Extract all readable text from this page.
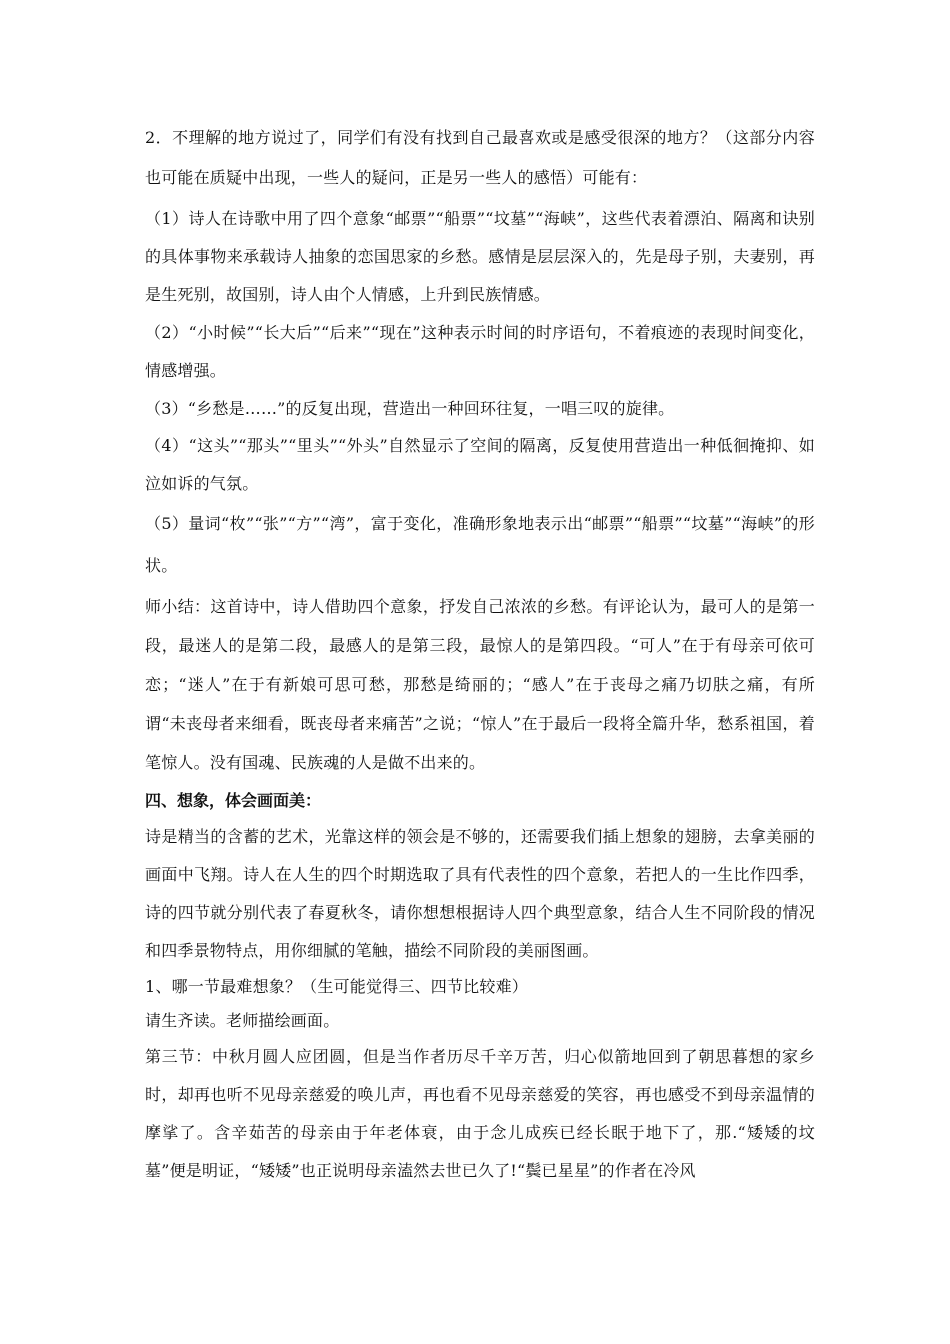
2．不理解的地方说过了，同学们有没有找到自己最喜欢或是感受很深的地方？（这部分内容也可能在质疑中出现，一些人的疑问，正是另一些人的感悟）可能有：

（1）诗人在诗歌中用了四个意象“邮票”“船票”“坟墓”“海峡”，这些代表着漂泊、隔离和诀别的具体事物来承载诗人抽象的恋国思家的乡愁。感情是层层深入的，先是母子别，夫妻别，再是生死别，故国别，诗人由个人情感，上升到民族情感。

（2）“小时候”“长大后”“后来”“现在”这种表示时间的时序语句，不着痕迹的表现时间变化，情感增强。

（3）“乡愁是……”的反复出现，营造出一种回环往复，一唱三叹的旋律。

（4）“这头”“那头”“里头”“外头”自然显示了空间的隔离，反复使用营造出一种低徊掩抑、如泣如诉的气氛。

（5）量词“枚”“张”“方”“湾”，富于变化，准确形象地表示出“邮票”“船票”“坟墓”“海峡”的形状。

师小结：这首诗中，诗人借助四个意象，抒发自己浓浓的乡愁。有评论认为，最可人的是第一段，最迷人的是第二段，最感人的是第三段，最惊人的是第四段。“可人”在于有母亲可依可恋；“迷人”在于有新娘可思可愁，那愁是绮丽的；“感人”在于丧母之痛乃切肤之痛，有所谓“未丧母者来细看，既丧母者来痛苦”之说；“惊人”在于最后一段将全篇升华，愁系祖国，着笔惊人。没有国魂、民族魂的人是做不出来的。

四、想象，体会画面美：

诗是精当的含蓄的艺术，光靠这样的领会是不够的，还需要我们插上想象的翅膀，去拿美丽的画面中飞翔。诗人在人生的四个时期选取了具有代表性的四个意象，若把人的一生比作四季，诗的四节就分别代表了春夏秋冬，请你想想根据诗人四个典型意象，结合人生不同阶段的情况和四季景物特点，用你细腻的笔触，描绘不同阶段的美丽图画。

1、哪一节最难想象？（生可能觉得三、四节比较难）

请生齐读。老师描绘画面。

第三节：中秋月圆人应团圆，但是当作者历尽千辛万苦，归心似箭地回到了朝思暮想的家乡时，却再也听不见母亲慈爱的唤儿声，再也看不见母亲慈爱的笑容，再也感受不到母亲温情的摩挲了。含辛茹苦的母亲由于年老体衰，由于念儿成疾已经长眠于地下了，那.“矮矮的坟墓”便是明证，“矮矮”也正说明母亲溘然去世已久了!“鬓已星星”的作者在冷风
